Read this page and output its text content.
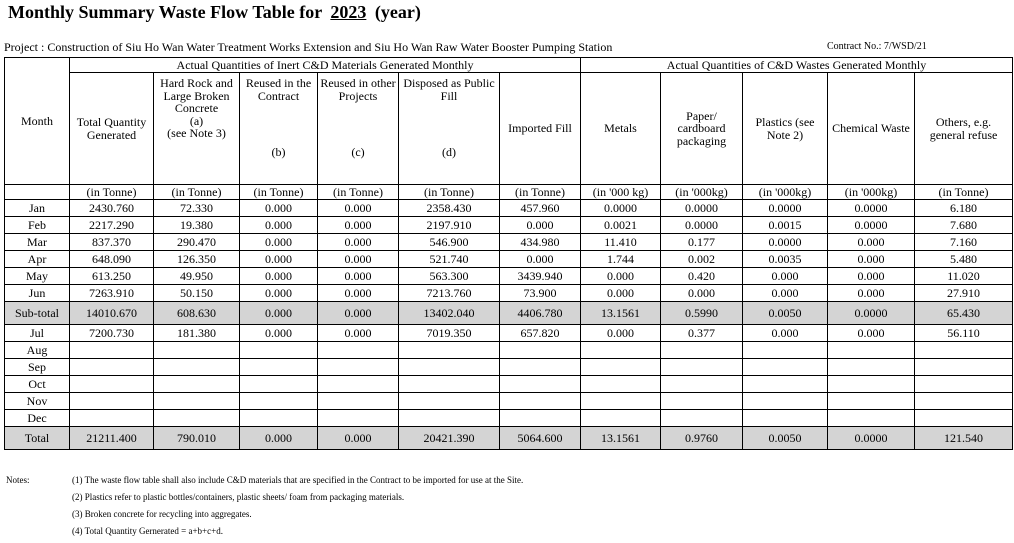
Monthly Summary Waste Flow Table for 2023 (year)
Project : Construction of Siu Ho Wan Water Treatment Works Extension and Siu Ho Wan Raw Water Booster Pumping Station	Contract No.: 7/WSD/21
Month	Actual Quantities of Inert C&D Materials Generated Monthly						Actual Quantities of C&D Wastes Generated Monthly				
	Total Quantity Generated	Hard Rock and Large Broken Concrete
(a)
(see Note 3)	Reused in the Contract
(b)	Reused in other Projects
(c)	Disposed as Public Fill
(d)	Imported Fill	Metals	Paper/ cardboard packaging	Plastics (see Note 2)	Chemical Waste	Others, e.g. general refuse
	(in Tonne)	(in Tonne)	(in Tonne)	(in Tonne)	(in Tonne)	(in Tonne)	(in '000 kg)	(in '000kg)	(in '000kg)	(in '000kg)	(in Tonne)
Jan	2430.760	72.330	0.000	0.000	2358.430	457.960	0.0000	0.0000	0.0000	0.0000	6.180
Feb	2217.290	19.380	0.000	0.000	2197.910	0.000	0.0021	0.0000	0.0015	0.0000	7.680
Mar	837.370	290.470	0.000	0.000	546.900	434.980	11.410	0.177	0.0000	0.000	7.160
Apr	648.090	126.350	0.000	0.000	521.740	0.000	1.744	0.002	0.0035	0.000	5.480
May	613.250	49.950	0.000	0.000	563.300	3439.940	0.000	0.420	0.000	0.000	11.020
Jun	7263.910	50.150	0.000	0.000	7213.760	73.900	0.000	0.000	0.000	0.000	27.910
Sub-total	14010.670	608.630	0.000	0.000	13402.040	4406.780	13.1561	0.5990	0.0050	0.0000	65.430
Jul	7200.730	181.380	0.000	0.000	7019.350	657.820	0.000	0.377	0.000	0.000	56.110
Aug											
Sep											
Oct											
Nov											
Dec											
Total	21211.400	790.010	0.000	0.000	20421.390	5064.600	13.1561	0.9760	0.0050	0.0000	121.540
Notes:	(1) The waste flow table shall also include C&D materials that are specified in the Contract to be imported for use at the Site.
(2) Plastics refer to plastic bottles/containers, plastic sheets/ foam from packaging materials.
(3) Broken concrete for recycling into aggregates.
(4) Total Quantity Gernerated = a+b+c+d.
